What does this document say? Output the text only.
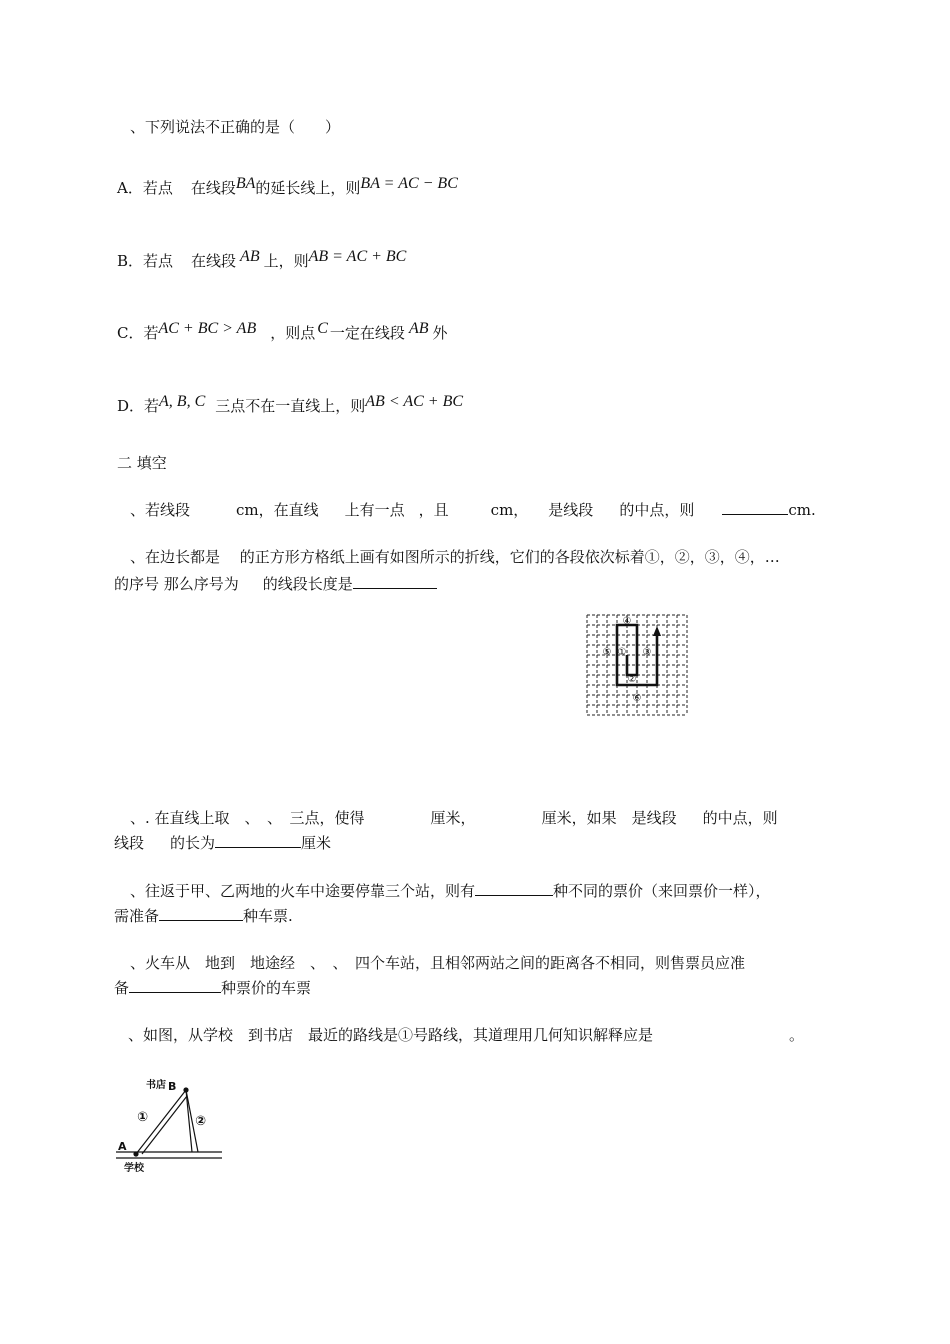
、下列说法不正确的是（　　）
A．若点 在线段BA的延长线上，则BA = AC − BC
B．若点 在线段 AB 上，则AB = AC + BC
C．若AC + BC > AB ，则点 C 一定在线段 AB 外
D．若A, B, C 三点不在一直线上，则AB < AC + BC
二 填空
、若线段	cm，在直线 上有一点 ，且	cm， 是线段 的中点，则	cm.
、在边长都是　 的正方形方格纸上画有如图所示的折线，它们的各段依次标着①，②，③，④，…
的序号 那么序号为 的线段长度是
①
②
③
④
⑤
⑥
、. 在直线上取　、　、　三点，使得	厘米，	厘米，如果　是线段 的中点，则
线段 的长为	厘米
、往返于甲、乙两地的火车中途要停靠三个站，则有	种不同的票价（来回票价一样），
需准备	种车票.
、火车从　地到　地途经　、　、　四个车站，且相邻两站之间的距离各不相同，则售票员应准
备	种票价的车票
、如图，从学校　到书店　最近的路线是①号路线，其道理用几何知识解释应是	。
书店 B
A
学校
①	②
